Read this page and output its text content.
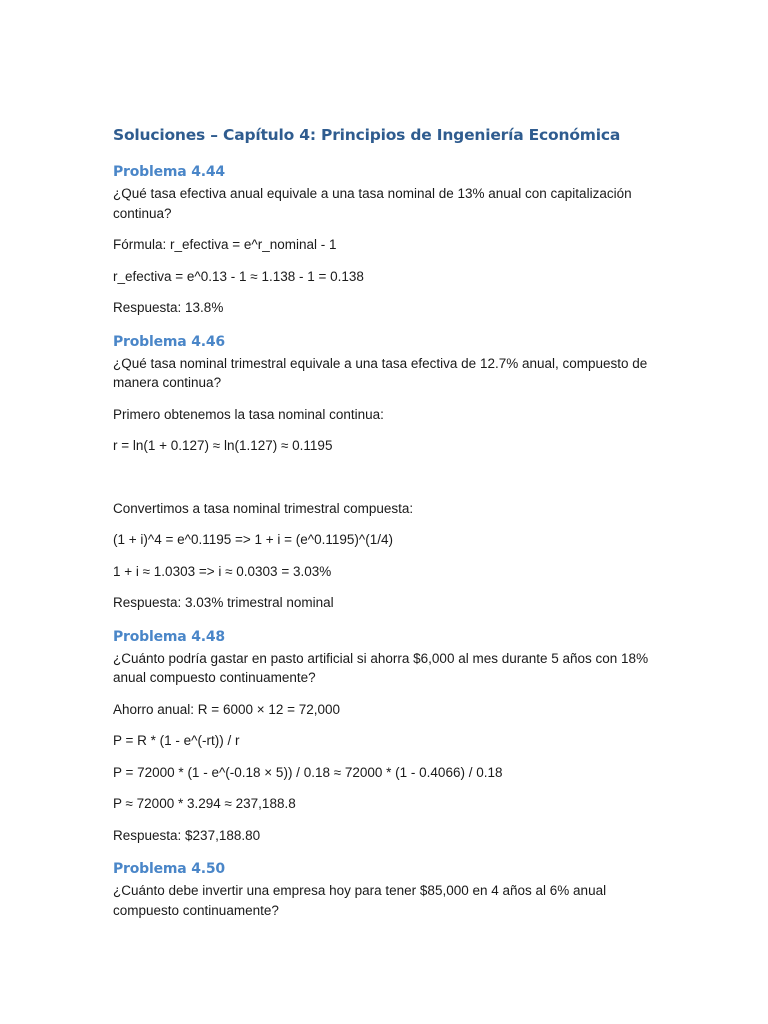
Soluciones – Capítulo 4: Principios de Ingeniería Económica
Problema 4.44

¿Qué tasa efectiva anual equivale a una tasa nominal de 13% anual con capitalización continua?

Fórmula: r_efectiva = e^r_nominal - 1

r_efectiva = e^0.13 - 1 ≈ 1.138 - 1 = 0.138

Respuesta: 13.8%

Problema 4.46

¿Qué tasa nominal trimestral equivale a una tasa efectiva de 12.7% anual, compuesto de manera continua?

Primero obtenemos la tasa nominal continua:

r = ln(1 + 0.127) ≈ ln(1.127) ≈ 0.1195

Convertimos a tasa nominal trimestral compuesta:

(1 + i)^4 = e^0.1195 => 1 + i = (e^0.1195)^(1/4)

1 + i ≈ 1.0303 => i ≈ 0.0303 = 3.03%

Respuesta: 3.03% trimestral nominal

Problema 4.48

¿Cuánto podría gastar en pasto artificial si ahorra $6,000 al mes durante 5 años con 18% anual compuesto continuamente?

Ahorro anual: R = 6000 × 12 = 72,000

P = R * (1 - e^(-rt)) / r

P = 72000 * (1 - e^(-0.18 × 5)) / 0.18 ≈ 72000 * (1 - 0.4066) / 0.18

P ≈ 72000 * 3.294 ≈ 237,188.8

Respuesta: $237,188.80

Problema 4.50

¿Cuánto debe invertir una empresa hoy para tener $85,000 en 4 años al 6% anual compuesto continuamente?
